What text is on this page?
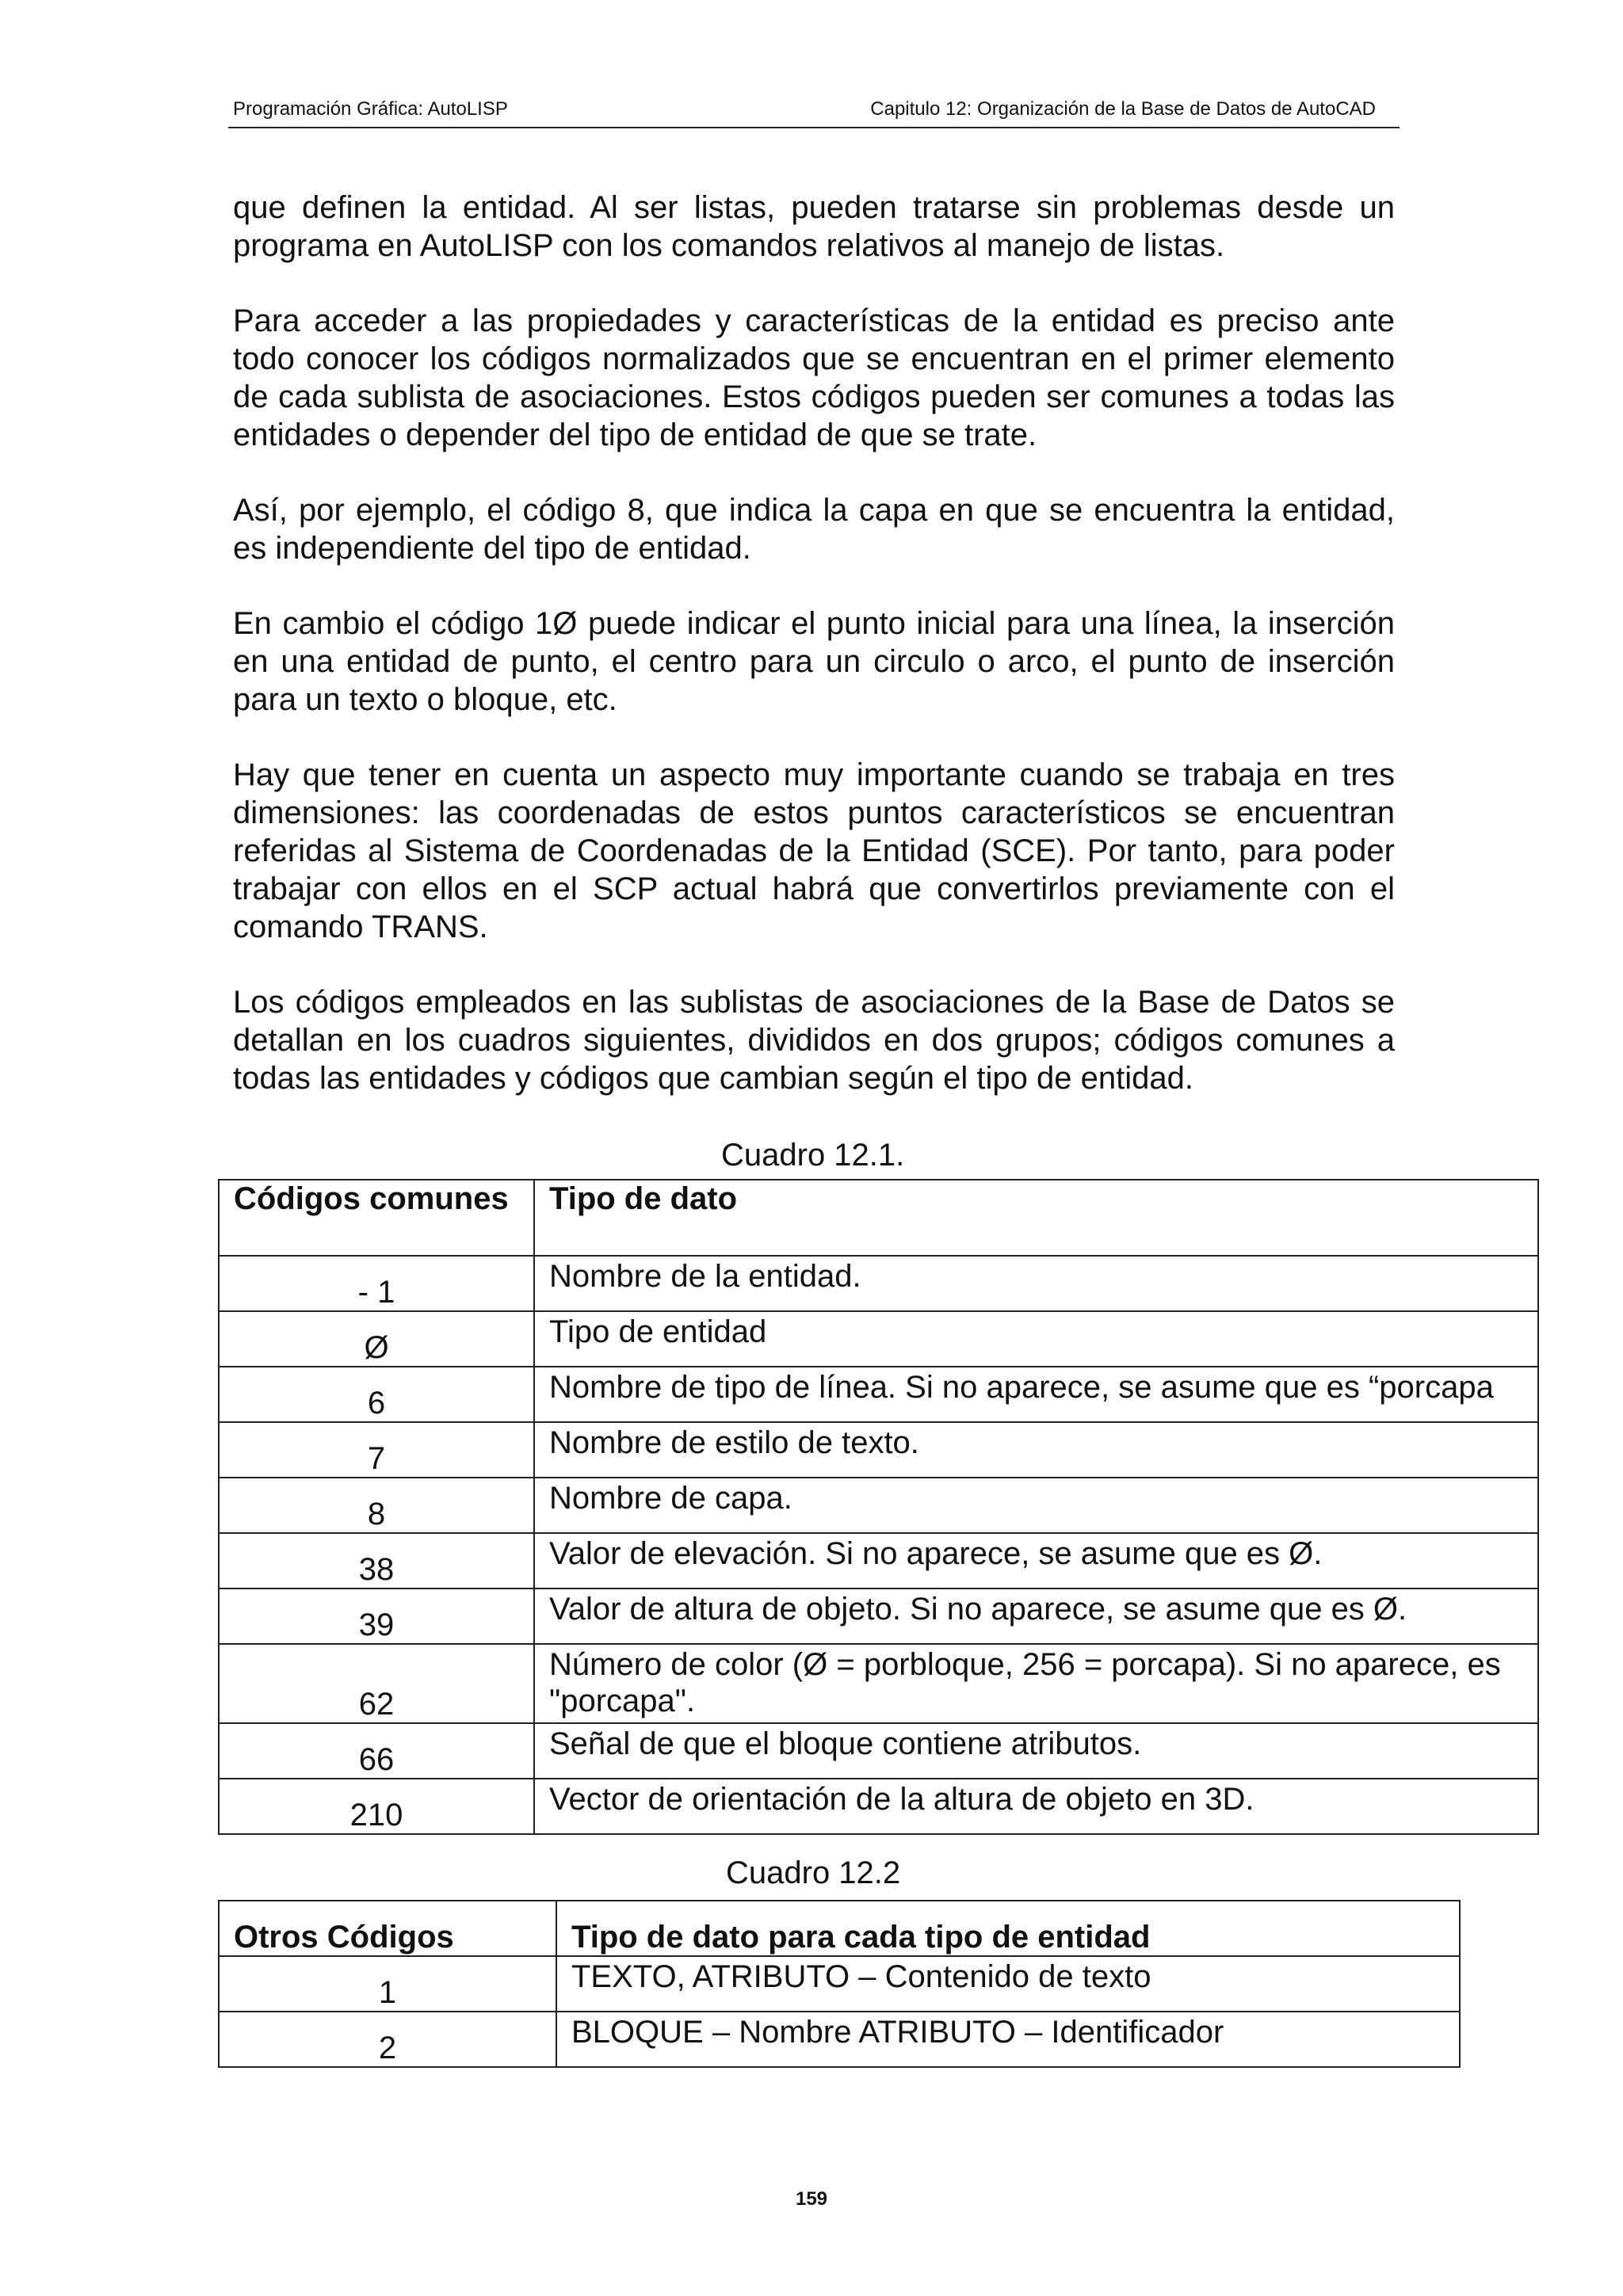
Programación Gráfica: AutoLISP	Capitulo 12: Organización de la Base de Datos de AutoCAD

que definen la entidad. Al ser listas, pueden tratarse sin problemas desde un programa en AutoLISP con los comandos relativos al manejo de listas.

Para acceder a las propiedades y características de la entidad es preciso ante todo conocer los códigos normalizados que se encuentran en el primer elemento de cada sublista de asociaciones. Estos códigos pueden ser comunes a todas las entidades o depender del tipo de entidad de que se trate.

Así, por ejemplo, el código 8, que indica la capa en que se encuentra la entidad, es independiente del tipo de entidad.

En cambio el código 1Ø puede indicar el punto inicial para una línea, la inserción en una entidad de punto, el centro para un circulo o arco, el punto de inserción para un texto o bloque, etc.

Hay que tener en cuenta un aspecto muy importante cuando se trabaja en tres dimensiones: las coordenadas de estos puntos característicos se encuentran referidas al Sistema de Coordenadas de la Entidad (SCE). Por tanto, para poder trabajar con ellos en el SCP actual habrá que convertirlos previamente con el comando TRANS.

Los códigos empleados en las sublistas de asociaciones de la Base de Datos se detallan en los cuadros siguientes, divididos en dos grupos; códigos comunes a todas las entidades y códigos que cambian según el tipo de entidad.

Cuadro 12.1.
Códigos comunes	Tipo de dato
- 1	Nombre de la entidad.
Ø	Tipo de entidad
6	Nombre de tipo de línea. Si no aparece, se asume que es “porcapa
7	Nombre de estilo de texto.
8	Nombre de capa.
38	Valor de elevación. Si no aparece, se asume que es Ø.
39	Valor de altura de objeto. Si no aparece, se asume que es Ø.
62	Número de color (Ø = porbloque, 256 = porcapa). Si no aparece, es "porcapa".
66	Señal de que el bloque contiene atributos.
210	Vector de orientación de la altura de objeto en 3D.
Cuadro 12.2
Otros Códigos	Tipo de dato para cada tipo de entidad
1	TEXTO, ATRIBUTO – Contenido de texto
2	BLOQUE – Nombre ATRIBUTO – Identificador
159
